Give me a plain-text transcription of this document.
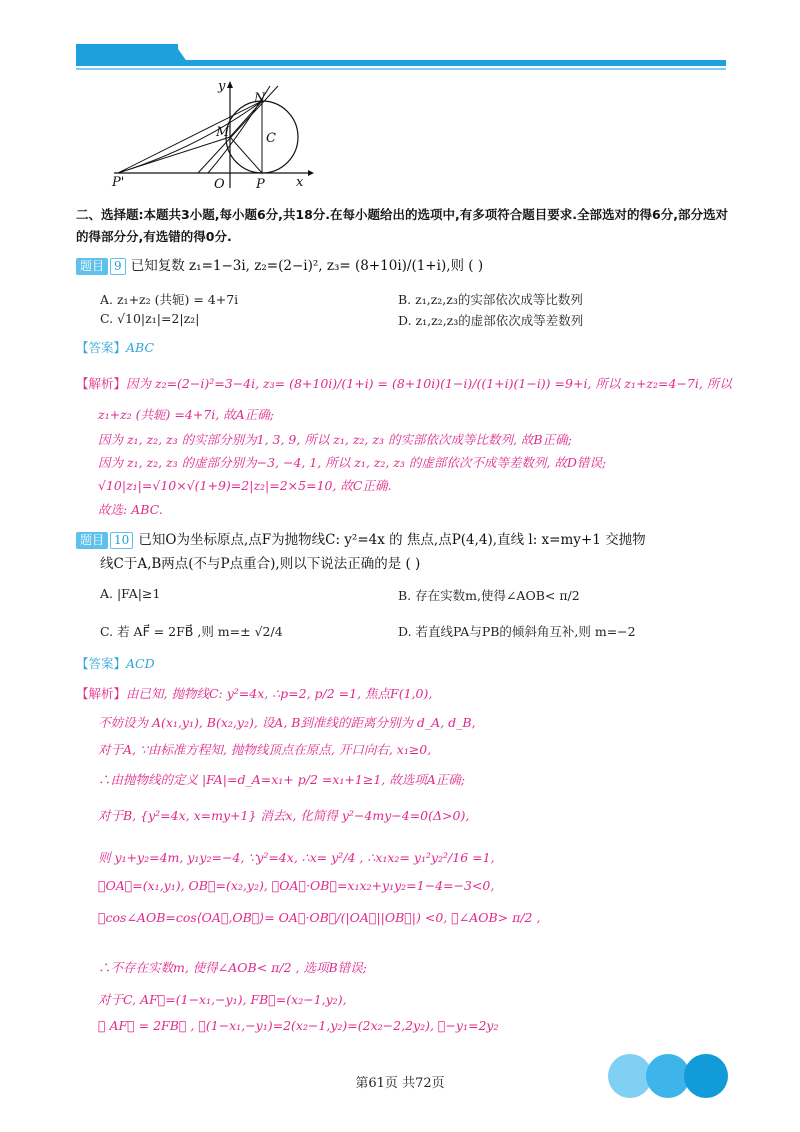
y
N
M	C
P'	O P x
二、选择题:本题共3小题,每小题6分,共18分.在每小题给出的选项中,有多项符合题目要求.全部选对的得6分,部分选对的得部分分,有选错的得0分.
题目 9 已知复数 z₁=1−3i, z₂=(2−i)², z₃= (8+10i)/(1+i),则 ( )
A. z₁+z₂ (共轭) = 4+7i	B. z₁,z₂,z₃的实部依次成等比数列
C. √10|z₁|=2|z₂|	D. z₁,z₂,z₃的虚部依次成等差数列
【答案】ABC
【解析】因为 z₂=(2−i)²=3−4i, z₃= (8+10i)/(1+i) = (8+10i)(1−i)/((1+i)(1−i)) =9+i, 所以 z₁+z₂=4−7i, 所以
z₁+z₂ (共轭) =4+7i, 故A正确;
因为 z₁, z₂, z₃ 的实部分别为1, 3, 9, 所以 z₁, z₂, z₃ 的实部依次成等比数列, 故B正确;
因为 z₁, z₂, z₃ 的虚部分别为−3, −4, 1, 所以 z₁, z₂, z₃ 的虚部依次不成等差数列, 故D错误;
√10|z₁|=√10×√(1+9)=2|z₂|=2×5=10, 故C正确.
故选: ABC.
题目 10 已知O为坐标原点,点F为抛物线C: y²=4x 的 焦点,点P(4,4),直线 l: x=my+1 交抛物
线C于A,B两点(不与P点重合),则以下说法正确的是 ( )
A. |FA|≥1	B. 存在实数m,使得∠AOB< π/2
C. 若 AF⃗ = 2FB⃗ ,则 m=± √2/4	D. 若直线PA与PB的倾斜角互补,则 m=−2
【答案】ACD
【解析】由已知, 抛物线C: y²=4x, ∴p=2, p/2 =1, 焦点F(1,0),
不妨设为 A(x₁,y₁), B(x₂,y₂), 设A, B到准线的距离分别为 d_A, d_B,
对于A, ∵由标准方程知, 抛物线顶点在原点, 开口向右, x₁≥0,
∴由抛物线的定义 |FA|=d_A=x₁+ p/2 =x₁+1≥1, 故选项A正确;
对于B, {y²=4x, x=my+1} 消去x, 化简得 y²−4my−4=0(Δ>0),
则 y₁+y₂=4m, y₁y₂=−4, ∵y²=4x, ∴x= y²/4 , ∴x₁x₂= y₁²y₂²/16 =1,
∵OA⃗=(x₁,y₁), OB⃗=(x₂,y₂), ∴OA⃗·OB⃗=x₁x₂+y₁y₂=1−4=−3<0,
∴cos∠AOB=cos⟨OA⃗,OB⃗⟩= OA⃗·OB⃗/(|OA⃗||OB⃗|) <0, ∴∠AOB> π/2 ,
∴不存在实数m, 使得∠AOB< π/2 , 选项B错误;
对于C, AF⃗=(1−x₁,−y₁), FB⃗=(x₂−1,y₂),
∵ AF⃗ = 2FB⃗ , ∴(1−x₁,−y₁)=2(x₂−1,y₂)=(2x₂−2,2y₂), ∴−y₁=2y₂
第61页 共72页
